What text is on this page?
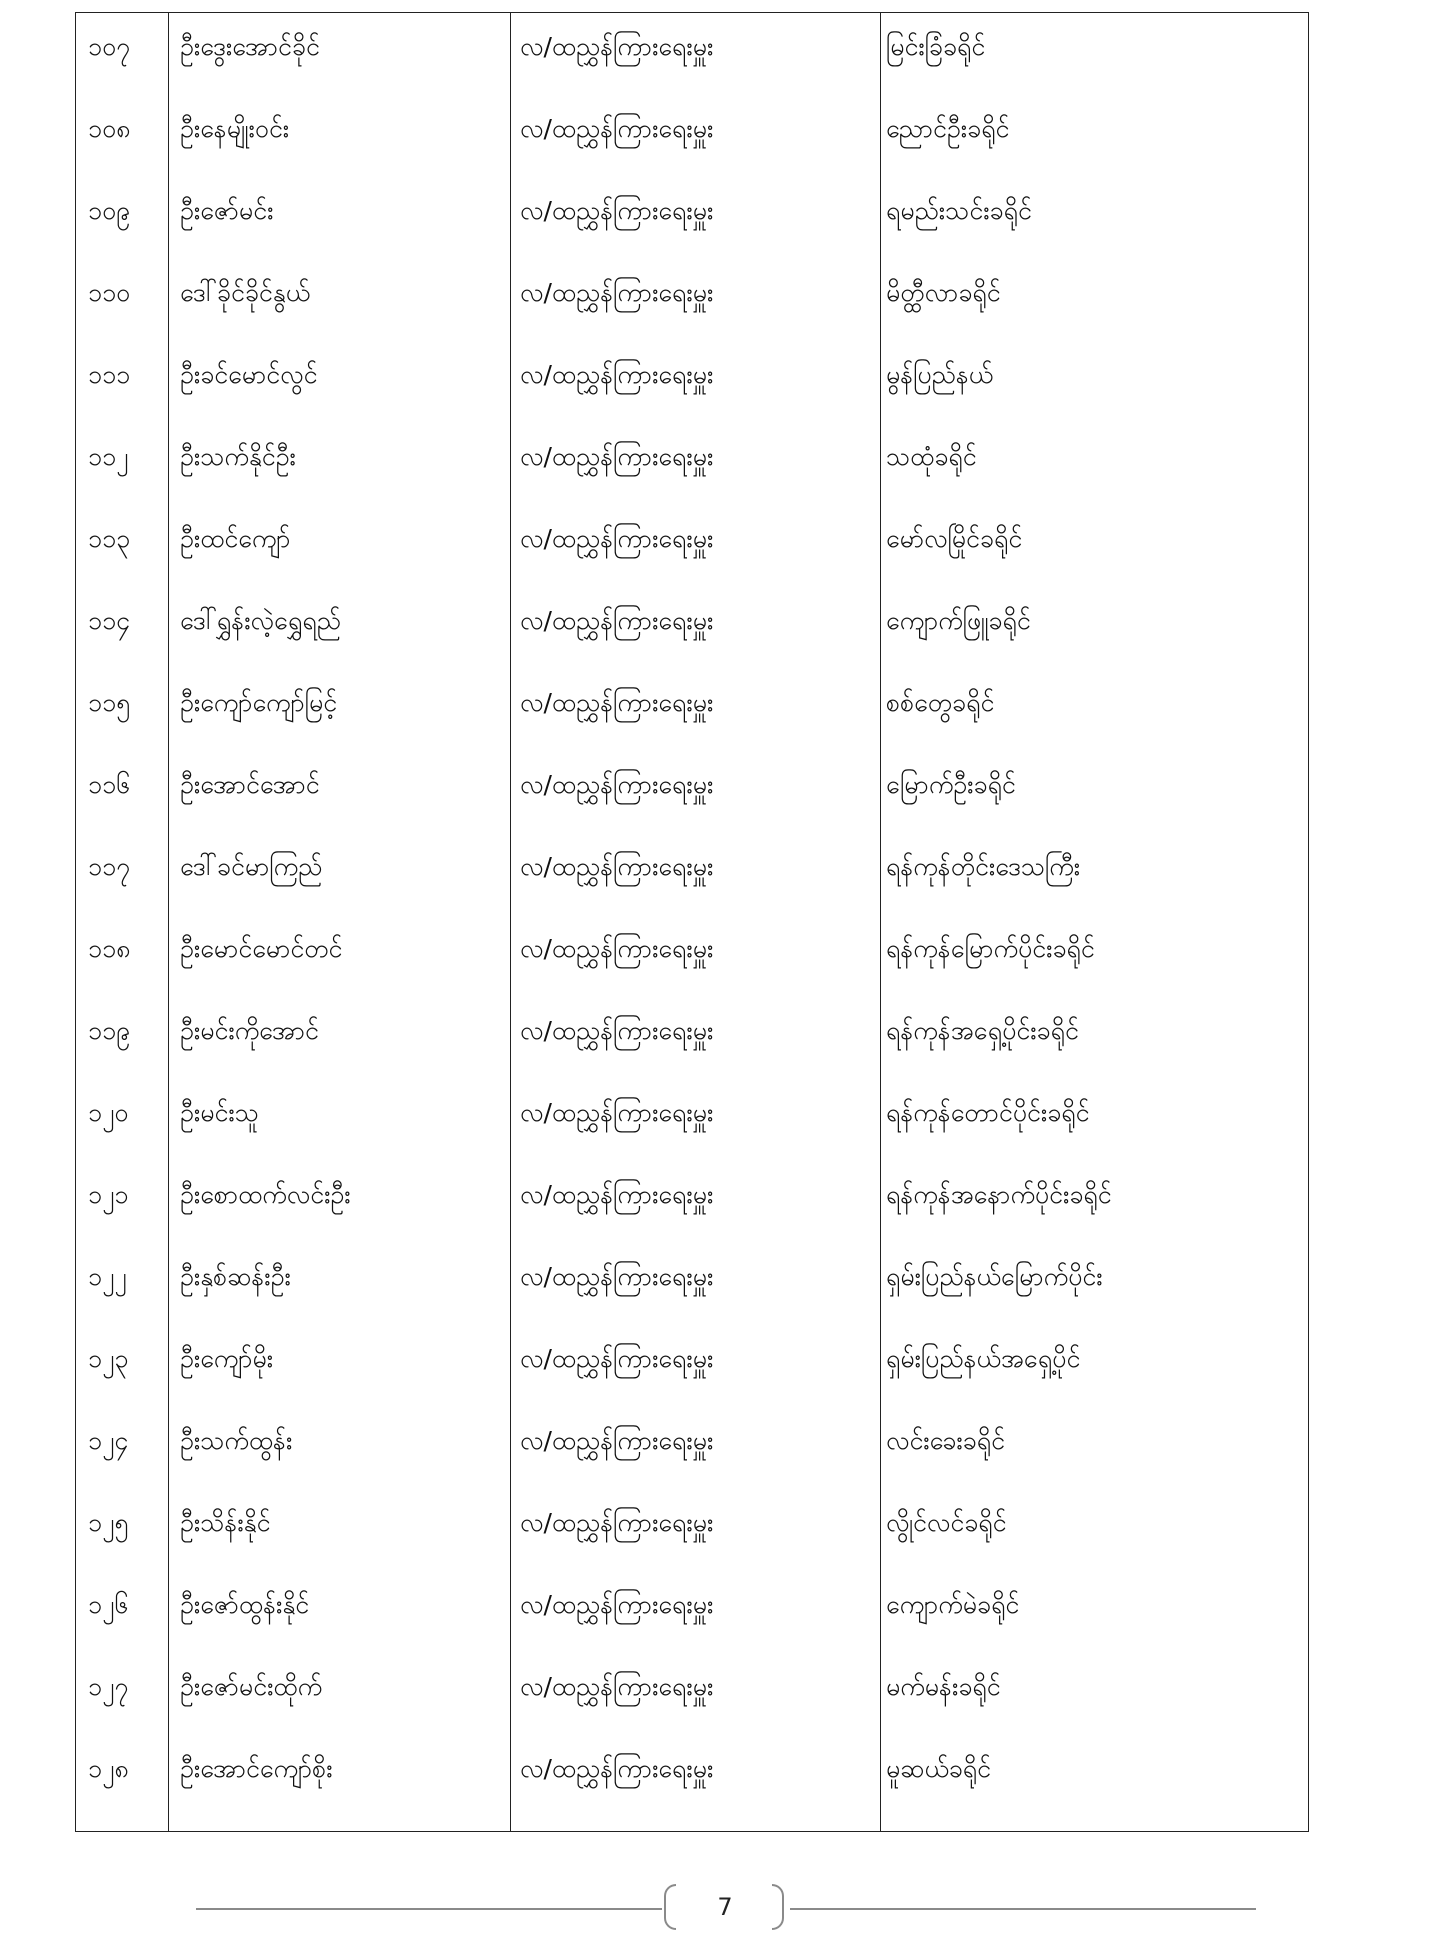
၁၀၇	ဦးဒွေးအောင်ခိုင်	လ/ထညွှန်ကြားရေးမှူး	မြင်းခြံခရိုင်
၁၀၈	ဦးနေမျိုးဝင်း	လ/ထညွှန်ကြားရေးမှူး	ညောင်ဦးခရိုင်
၁၀၉	ဦးဇော်မင်း	လ/ထညွှန်ကြားရေးမှူး	ရမည်းသင်းခရိုင်
၁၁၀	ဒေါ်ခိုင်ခိုင်နွယ်	လ/ထညွှန်ကြားရေးမှူး	မိတ္ထီလာခရိုင်
၁၁၁	ဦးခင်မောင်လွင်	လ/ထညွှန်ကြားရေးမှူး	မွန်ပြည်နယ်
၁၁၂	ဦးသက်နိုင်ဦး	လ/ထညွှန်ကြားရေးမှူး	သထုံခရိုင်
၁၁၃	ဦးထင်ကျော်	လ/ထညွှန်ကြားရေးမှူး	မော်လမြိုင်ခရိုင်
၁၁၄	ဒေါ်ရွှန်းလဲ့ရွှေရည်	လ/ထညွှန်ကြားရေးမှူး	ကျောက်ဖြူခရိုင်
၁၁၅	ဦးကျော်ကျော်မြင့်	လ/ထညွှန်ကြားရေးမှူး	စစ်တွေခရိုင်
၁၁၆	ဦးအောင်အောင်	လ/ထညွှန်ကြားရေးမှူး	မြောက်ဦးခရိုင်
၁၁၇	ဒေါ်ခင်မာကြည်	လ/ထညွှန်ကြားရေးမှူး	ရန်ကုန်တိုင်းဒေသကြီး
၁၁၈	ဦးမောင်မောင်တင်	လ/ထညွှန်ကြားရေးမှူး	ရန်ကုန်မြောက်ပိုင်းခရိုင်
၁၁၉	ဦးမင်းကိုအောင်	လ/ထညွှန်ကြားရေးမှူး	ရန်ကုန်အရှေ့ပိုင်းခရိုင်
၁၂၀	ဦးမင်းသူ	လ/ထညွှန်ကြားရေးမှူး	ရန်ကုန်တောင်ပိုင်းခရိုင်
၁၂၁	ဦးစောထက်လင်းဦး	လ/ထညွှန်ကြားရေးမှူး	ရန်ကုန်အနောက်ပိုင်းခရိုင်
၁၂၂	ဦးနှစ်ဆန်းဦး	လ/ထညွှန်ကြားရေးမှူး	ရှမ်းပြည်နယ်မြောက်ပိုင်း
၁၂၃	ဦးကျော်မိုး	လ/ထညွှန်ကြားရေးမှူး	ရှမ်းပြည်နယ်အရှေ့ပိုင်
၁၂၄	ဦးသက်ထွန်း	လ/ထညွှန်ကြားရေးမှူး	လင်းခေးခရိုင်
၁၂၅	ဦးသိန်းနိုင်	လ/ထညွှန်ကြားရေးမှူး	လွိုင်လင်ခရိုင်
၁၂၆	ဦးဇော်ထွန်းနိုင်	လ/ထညွှန်ကြားရေးမှူး	ကျောက်မဲခရိုင်
၁၂၇	ဦးဇော်မင်းထိုက်	လ/ထညွှန်ကြားရေးမှူး	မက်မန်းခရိုင်
၁၂၈	ဦးအောင်ကျော်စိုး	လ/ထညွှန်ကြားရေးမှူး	မူဆယ်ခရိုင်
7
